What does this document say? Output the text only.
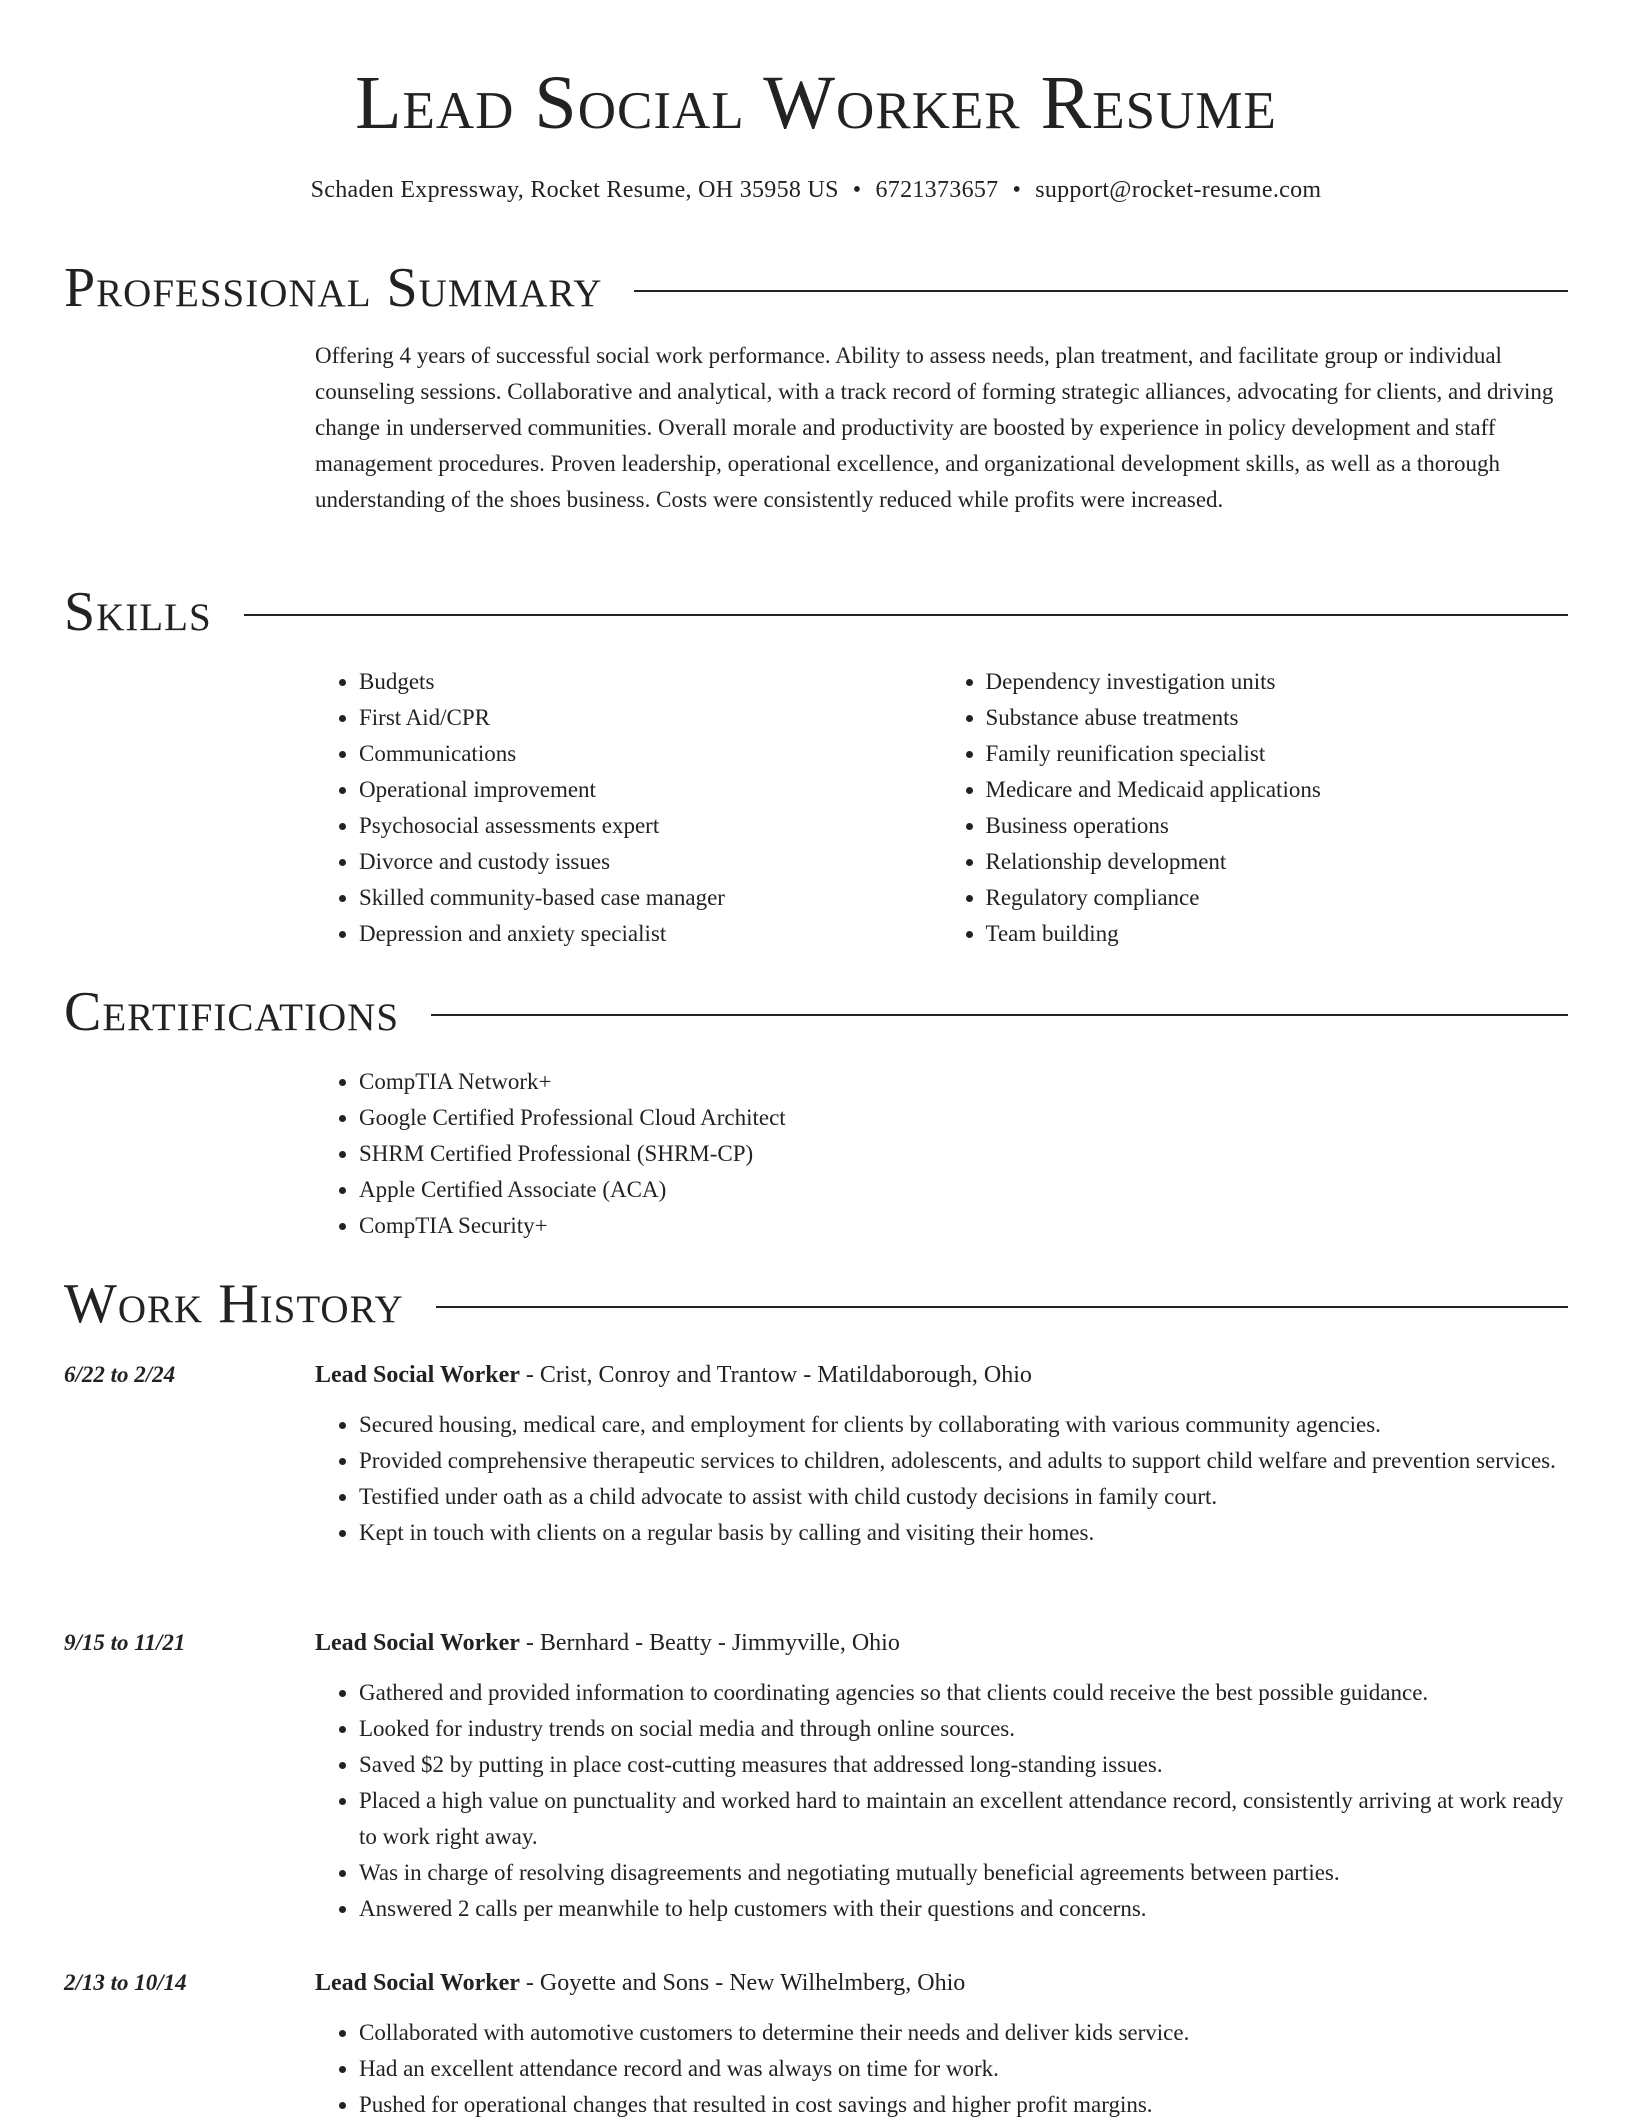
Lead Social Worker Resume
Schaden Expressway, Rocket Resume, OH 35958 US • 6721373657 • support@rocket-resume.com
Professional Summary

Offering 4 years of successful social work performance. Ability to assess needs, plan treatment, and facilitate group or individual counseling sessions. Collaborative and analytical, with a track record of forming strategic alliances, advocating for clients, and driving change in underserved communities. Overall morale and productivity are boosted by experience in policy development and staff management procedures. Proven leadership, operational excellence, and organizational development skills, as well as a thorough understanding of the shoes business. Costs were consistently reduced while profits were increased.

Skills
• Budgets
• First Aid/CPR
• Communications
• Operational improvement
• Psychosocial assessments expert
• Divorce and custody issues
• Skilled community-based case manager
• Depression and anxiety specialist
• Dependency investigation units
• Substance abuse treatments
• Family reunification specialist
• Medicare and Medicaid applications
• Business operations
• Relationship development
• Regulatory compliance
• Team building
Certifications
• CompTIA Network+
• Google Certified Professional Cloud Architect
• SHRM Certified Professional (SHRM-CP)
• Apple Certified Associate (ACA)
• CompTIA Security+
Work History
6/22 to 2/24	Lead Social Worker - Crist, Conroy and Trantow - Matildaborough, Ohio
• Secured housing, medical care, and employment for clients by collaborating with various community agencies.
• Provided comprehensive therapeutic services to children, adolescents, and adults to support child welfare and prevention services.
• Testified under oath as a child advocate to assist with child custody decisions in family court.
• Kept in touch with clients on a regular basis by calling and visiting their homes.
9/15 to 11/21	Lead Social Worker - Bernhard - Beatty - Jimmyville, Ohio
• Gathered and provided information to coordinating agencies so that clients could receive the best possible guidance.
• Looked for industry trends on social media and through online sources.
• Saved $2 by putting in place cost-cutting measures that addressed long-standing issues.
• Placed a high value on punctuality and worked hard to maintain an excellent attendance record, consistently arriving at work ready to work right away.
• Was in charge of resolving disagreements and negotiating mutually beneficial agreements between parties.
• Answered 2 calls per meanwhile to help customers with their questions and concerns.
2/13 to 10/14	Lead Social Worker - Goyette and Sons - New Wilhelmberg, Ohio
• Collaborated with automotive customers to determine their needs and deliver kids service.
• Had an excellent attendance record and was always on time for work.
• Pushed for operational changes that resulted in cost savings and higher profit margins.
